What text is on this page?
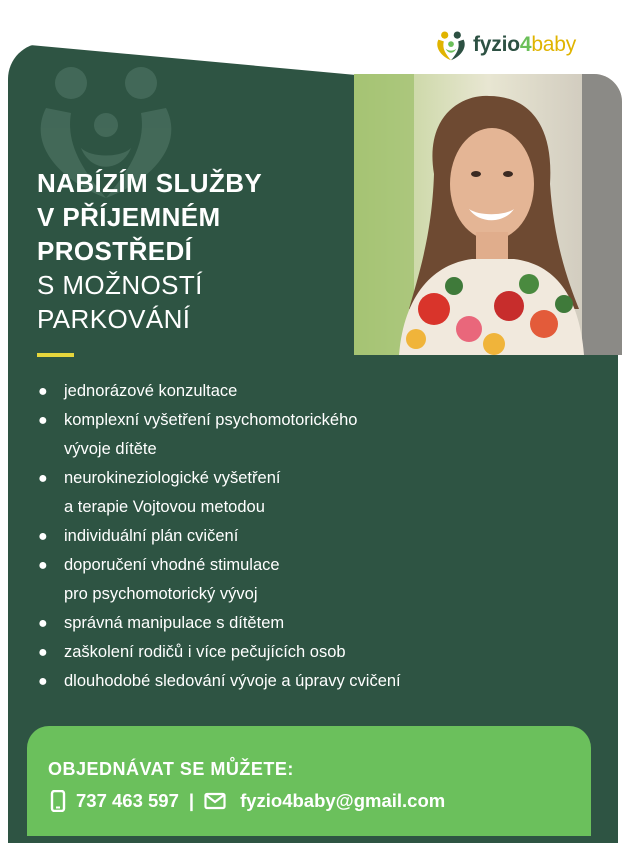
fyzio4baby
NABÍZÍM SLUŽBY
V PŘÍJEMNÉM
PROSTŘEDÍ
S MOŽNOSTÍ
PARKOVÁNÍ
● jednorázové konzultace
● komplexní vyšetření psychomotorického
vývoje dítěte
● neurokineziologické vyšetření
a terapie Vojtovou metodou
● individuální plán cvičení
● doporučení vhodné stimulace
pro psychomotorický vývoj
● správná manipulace s dítětem
● zaškolení rodičů i více pečujících osob
● dlouhodobé sledování vývoje a úpravy cvičení
OBJEDNÁVAT SE MŮŽETE:
737 463 597 | fyzio4baby@gmail.com
